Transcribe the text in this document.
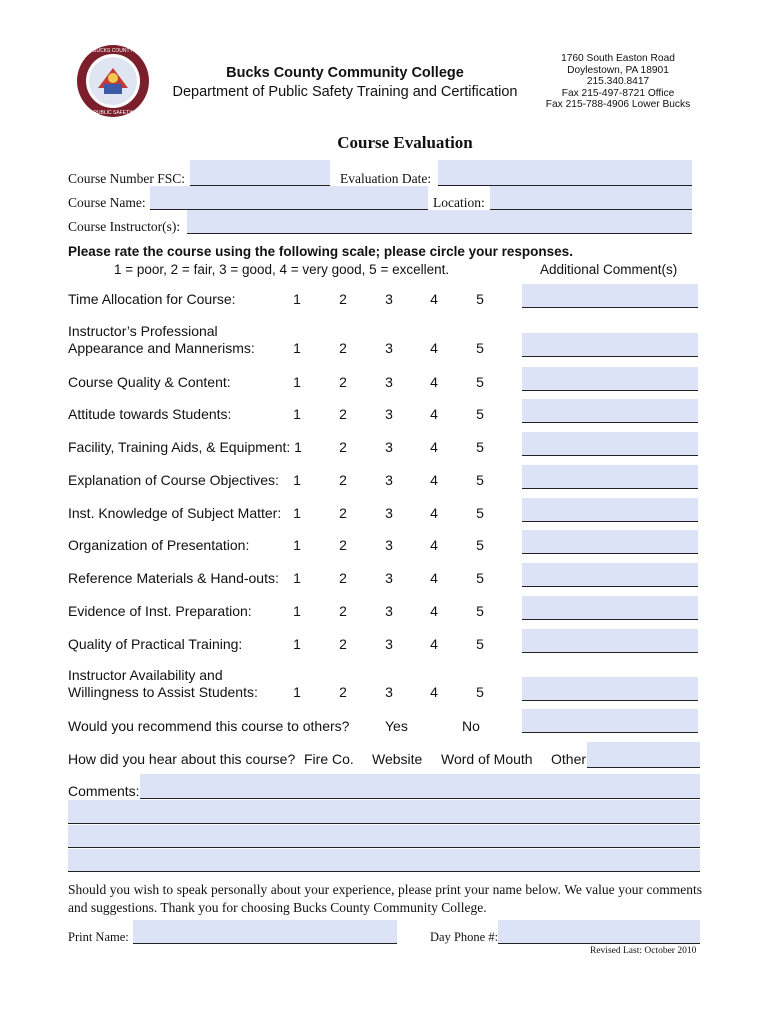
BUCKS COUNTY
PUBLIC SAFETY
Bucks County Community College
Department of Public Safety Training and Certification
1760 South Easton Road
Doylestown, PA 18901
215.340.8417
Fax 215-497-8721 Office
Fax 215-788-4906 Lower Bucks
Course Evaluation
Course Number FSC:	Evaluation Date:
Course Name:	Location:
Course Instructor(s):
Please rate the course using the following scale; please circle your responses.
1 = poor, 2 = fair, 3 = good, 4 = very good, 5 = excellent.	Additional Comment(s)
Time Allocation for Course:	1	2	3	4	5
Instructor’s Professional
Appearance and Mannerisms:	1	2	3	4	5
Course Quality & Content:	1	2	3	4	5
Attitude towards Students:	1	2	3	4	5
Facility, Training Aids, & Equipment: 1	2	3	4	5
Explanation of Course Objectives:	1	2	3	4	5
Inst. Knowledge of Subject Matter: 1	2	3	4	5
Organization of Presentation:	1	2	3	4	5
Reference Materials & Hand-outs:	1	2	3	4	5
Evidence of Inst. Preparation:	1	2	3	4	5
Quality of Practical Training:	1	2	3	4	5
Instructor Availability and
Willingness to Assist Students:	1	2	3	4	5
Would you recommend this course to others?	Yes	No
How did you hear about this course? Fire Co. Website Word of Mouth Other
Comments:
Should you wish to speak personally about your experience, please print your name below. We value your comments and suggestions. Thank you for choosing Bucks County Community College.
Print Name:	Day Phone #:
Revised Last: October 2010
